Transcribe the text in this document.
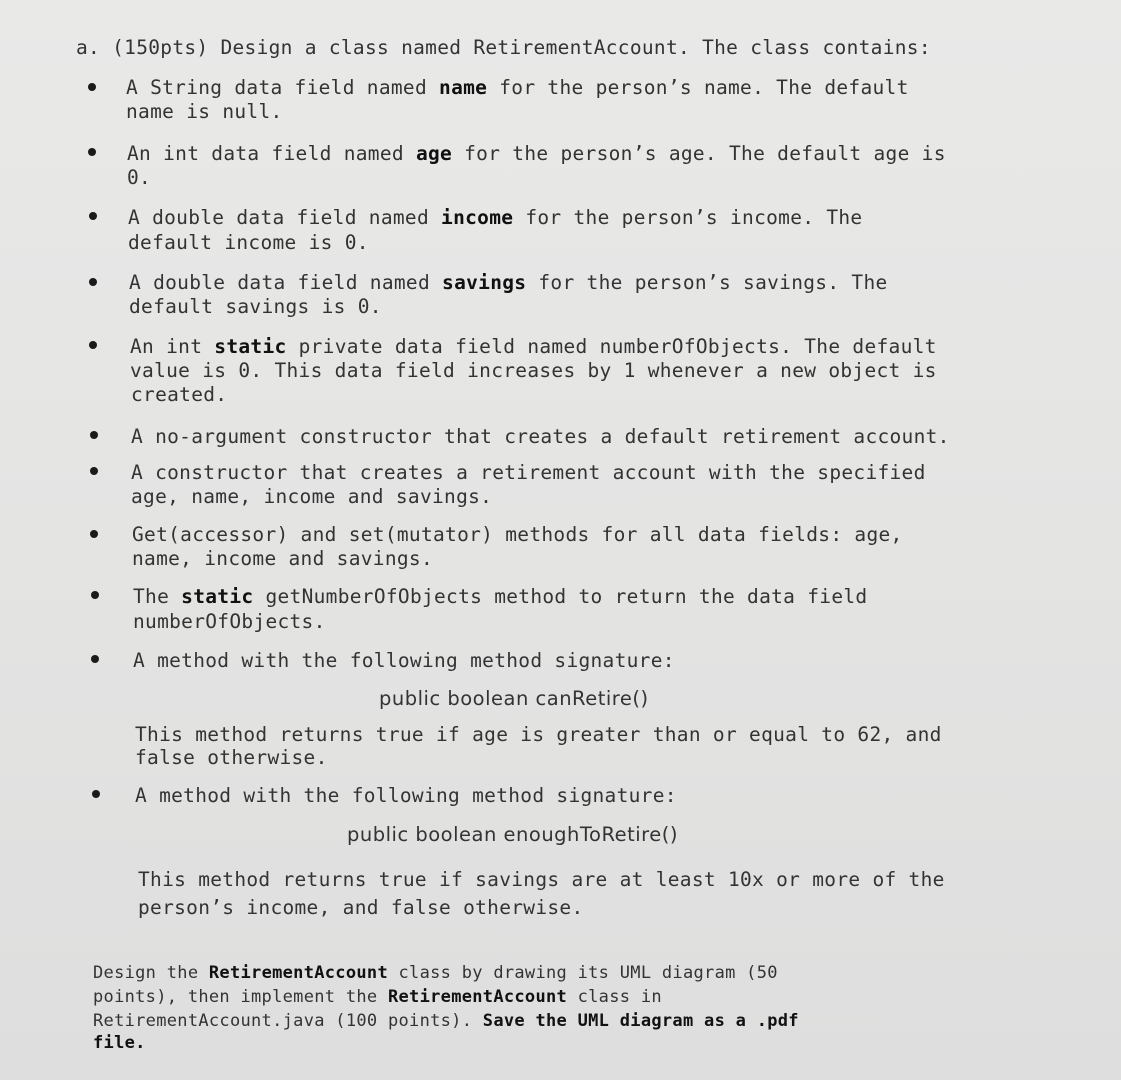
a. (150pts) Design a class named RetirementAccount. The class contains:
A String data field named name for the person’s name. The default
name is null.
An int data field named age for the person’s age. The default age is
0.
A double data field named income for the person’s income. The
default income is 0.
A double data field named savings for the person’s savings. The
default savings is 0.
An int static private data field named numberOfObjects. The default
value is 0. This data field increases by 1 whenever a new object is
created.
A no-argument constructor that creates a default retirement account.
A constructor that creates a retirement account with the specified
age, name, income and savings.
Get(accessor) and set(mutator) methods for all data fields: age,
name, income and savings.
The static getNumberOfObjects method to return the data field
numberOfObjects.
A method with the following method signature:
public boolean canRetire()
This method returns true if age is greater than or equal to 62, and
false otherwise.
A method with the following method signature:
public boolean enoughToRetire()
This method returns true if savings are at least 10x or more of the
person’s income, and false otherwise.
Design the RetirementAccount class by drawing its UML diagram (50
points), then implement the RetirementAccount class in
RetirementAccount.java (100 points). Save the UML diagram as a .pdf
file.
